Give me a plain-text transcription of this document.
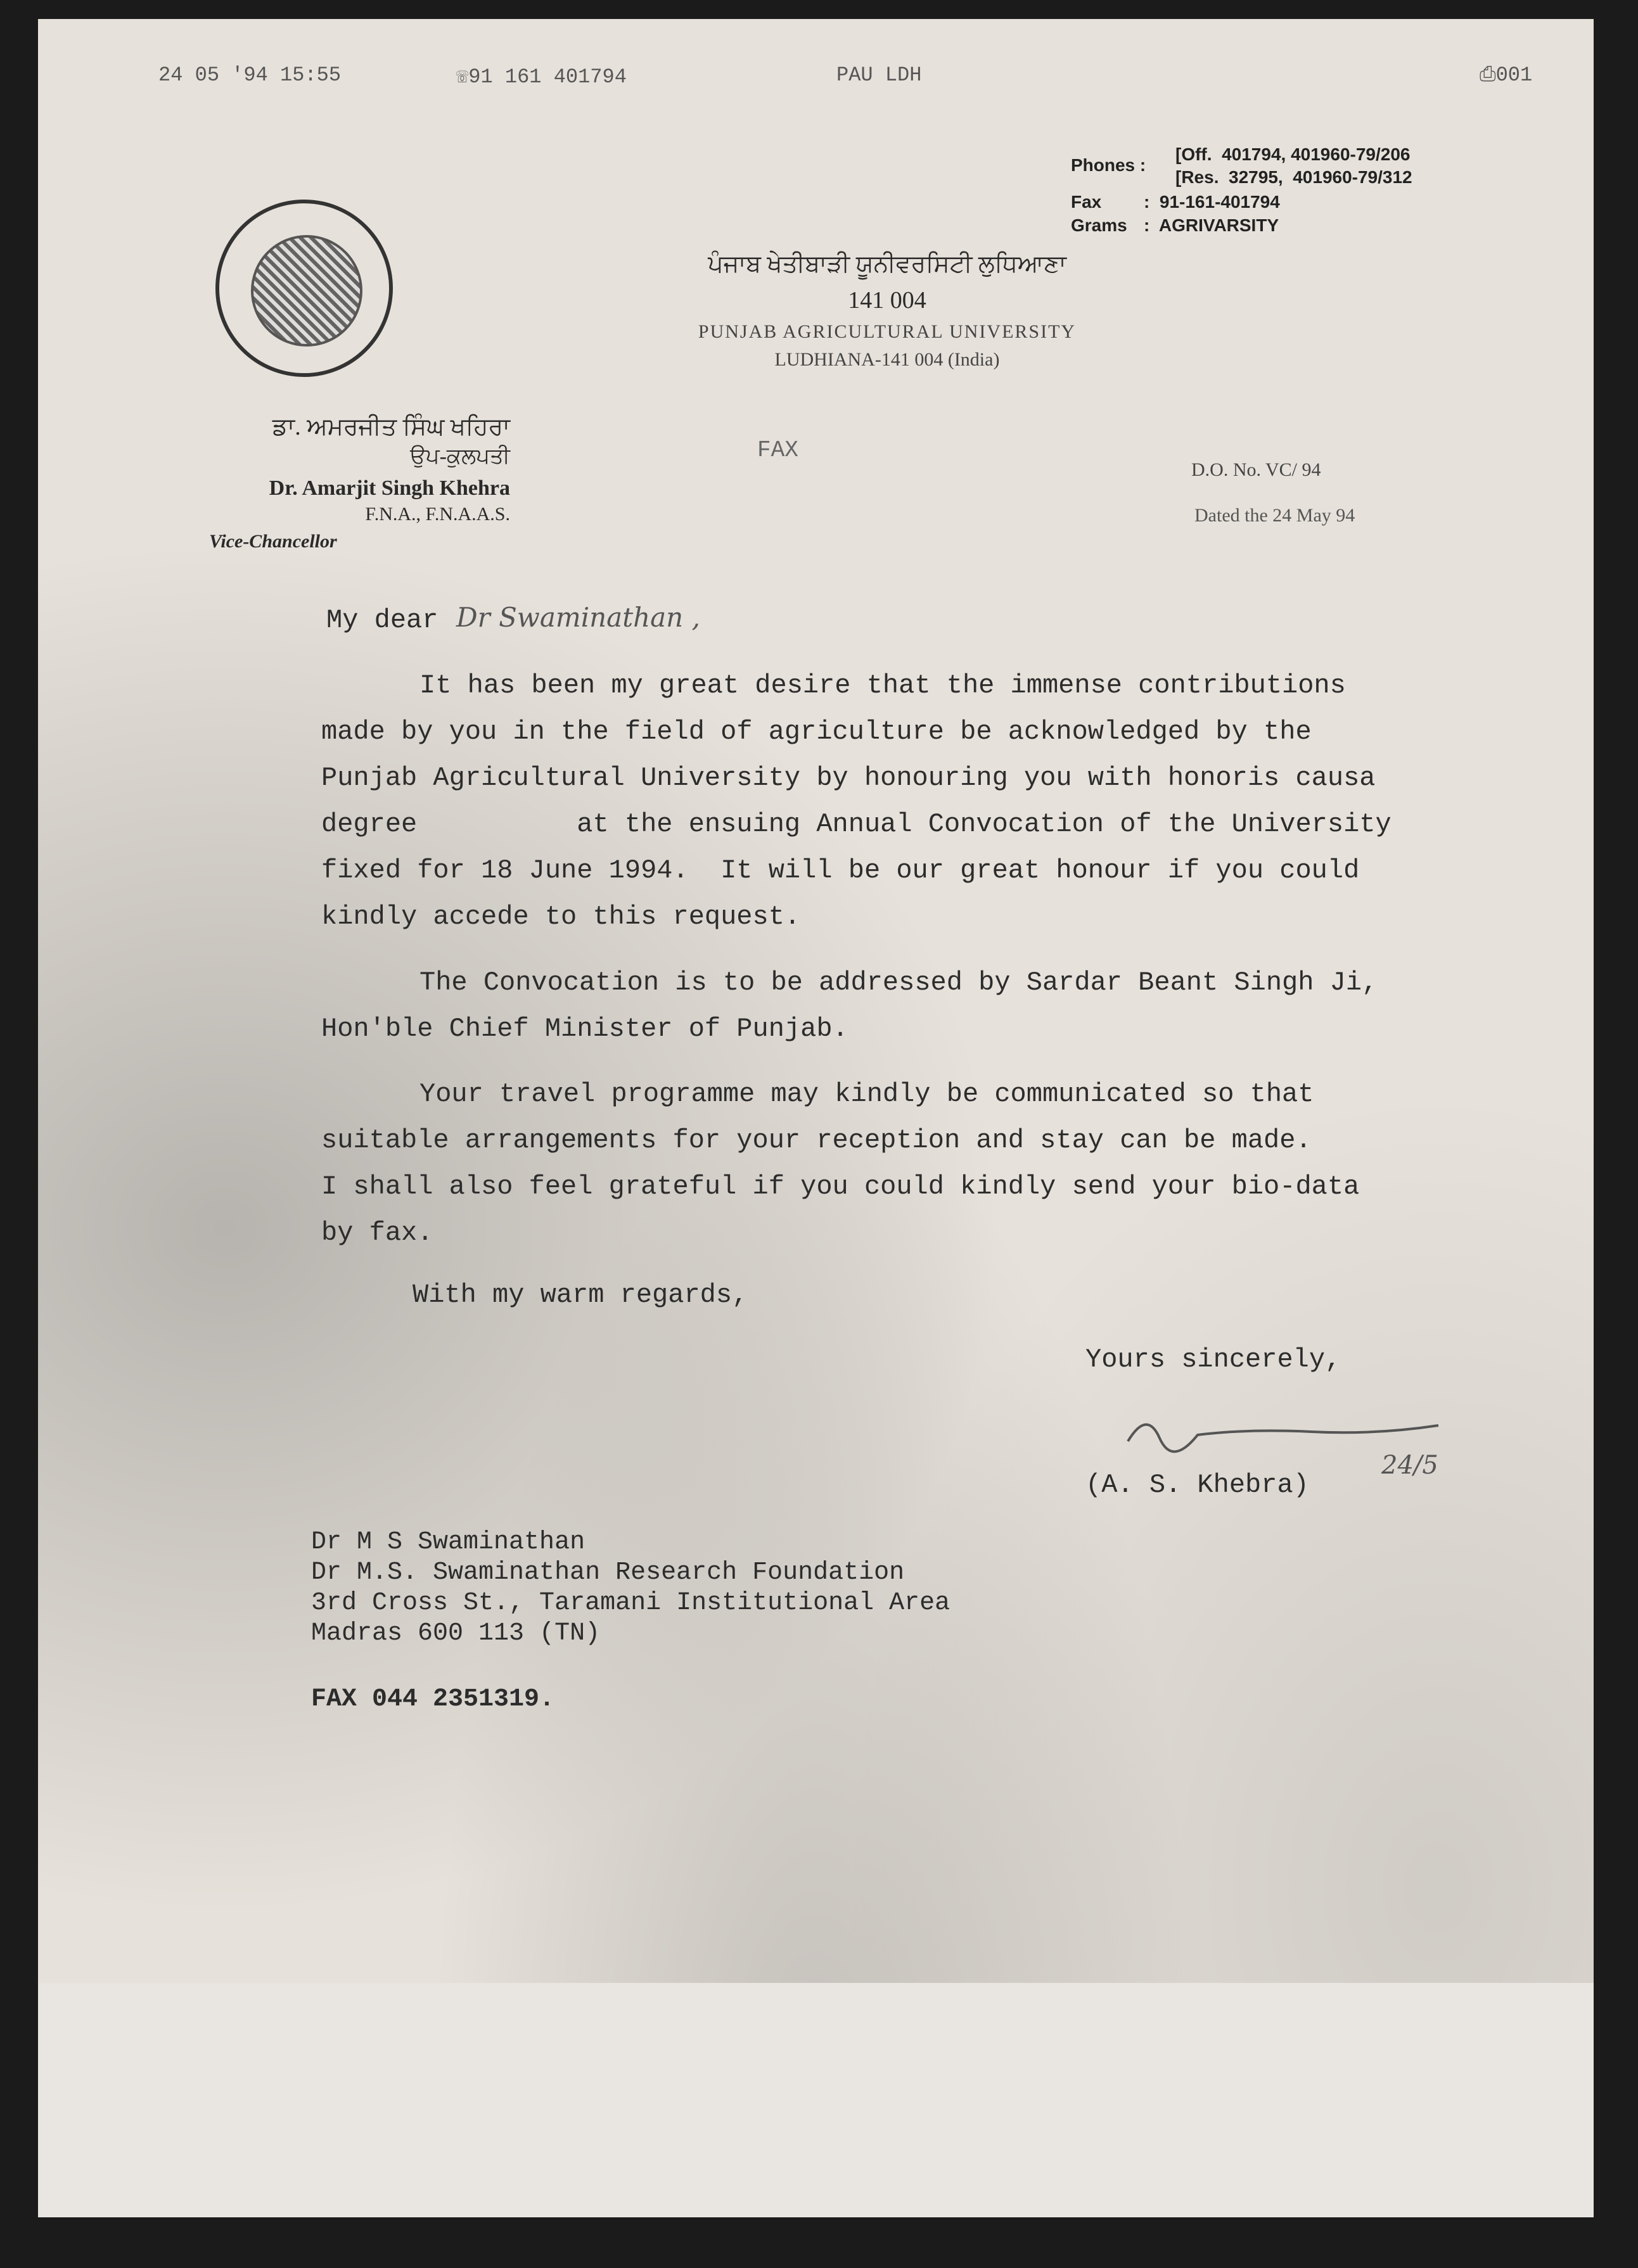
24 05 '94 15:55	☏91 161 401794	PAU LDH	⎙001
Phones :
[Off.  401794, 401960-79/206
[Res.  32795,  401960-79/312
Fax :  91-161-401794
Grams :  AGRIVARSITY
ਪੰਜਾਬ ਖੇਤੀਬਾੜੀ ਯੂਨੀਵਰਸਿਟੀ ਲੁਧਿਆਣਾ
141 004
PUNJAB AGRICULTURAL UNIVERSITY
LUDHIANA-141 004 (India)
ਡਾ. ਅਮਰਜੀਤ ਸਿੰਘ ਖਹਿਰਾ
ਉਪ-ਕੁਲਪਤੀ
Dr. Amarjit Singh Khehra
F.N.A., F.N.A.A.S.
Vice-Chancellor
FAX
D.O. No. VC/ 94
Dated the 24 May 94
My dear Dr Swaminathan ,
It has been my great desire that the immense contributions
made by you in the field of agriculture be acknowledged by the
Punjab Agricultural University by honouring you with honoris causa
degree          at the ensuing Annual Convocation of the University
fixed for 18 June 1994.  It will be our great honour if you could
kindly accede to this request.
The Convocation is to be addressed by Sardar Beant Singh Ji,
Hon'ble Chief Minister of Punjab.
Your travel programme may kindly be communicated so that
suitable arrangements for your reception and stay can be made.
I shall also feel grateful if you could kindly send your bio-data
by fax.
With my warm regards,
Yours sincerely,
(A. S. Khebra)
24/5
Dr M S Swaminathan
Dr M.S. Swaminathan Research Foundation
3rd Cross St., Taramani Institutional Area
Madras 600 113 (TN)
FAX 044 2351319.
